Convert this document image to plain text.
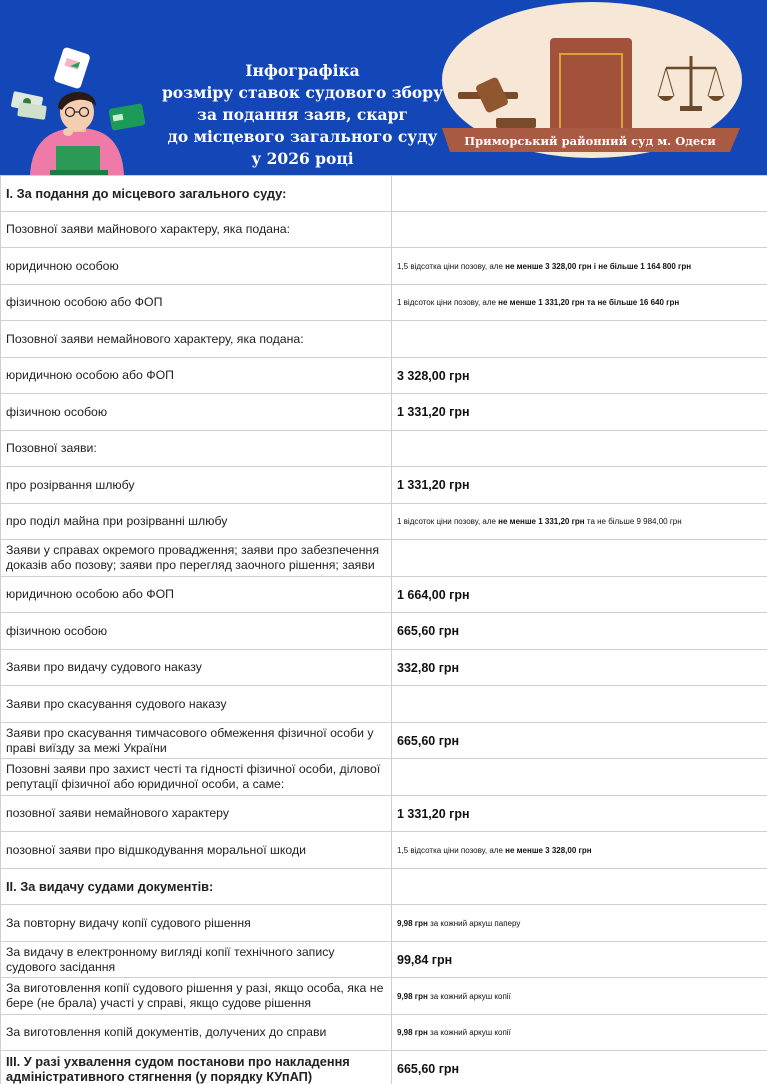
Інфографіка
розміру ставок судового збору
за подання заяв, скарг
до місцевого загального суду
у 2026 році
Приморський районний суд м. Одеси
I. За подання до місцевого загального суду:	
Позовної заяви майнового характеру, яка подана:	
юридичною особою	1,5 відсотка ціни позову, але не менше 3 328,00 грн і не більше 1 164 800 грн
фізичною особою або ФОП	1 відсоток ціни позову, але не менше 1 331,20 грн та не більше 16 640 грн
Позовної заяви немайнового характеру, яка подана:	
юридичною особою або ФОП	3 328,00 грн
фізичною особою	1 331,20 грн
Позовної заяви:	
про розірвання шлюбу	1 331,20 грн
про поділ майна при розірванні шлюбу	1 відсоток ціни позову, але не менше 1 331,20 грн та не більше 9 984,00 грн

Заяви у справах окремого провадження; заяви про забезпечення доказів або позову; заяви про перегляд заочного рішення; заяви	

юридичною особою або ФОП	1 664,00 грн
фізичною особою	665,60 грн
Заяви про видачу судового наказу	332,80 грн
Заяви про скасування судового наказу	

Заяви про скасування тимчасового обмеження фізичної особи у праві виїзду за межі України	665,60 грн

Позовні заяви про захист честі та гідності фізичної особи, ділової репутації фізичної або юридичної особи, а саме:	

позовної заяви немайнового характеру	1 331,20 грн
позовної заяви про відшкодування моральної шкоди	1,5 відсотка ціни позову, але не менше 3 328,00 грн
II. За видачу судами документів:	
За повторну видачу копії судового рішення	9,98 грн за кожний аркуш паперу

За видачу в електронному вигляді копії технічного запису судового засідання	99,84 грн

За виготовлення копії судового рішення у разі, якщо особа, яка не бере (не брала) участі у справі, якщо судове рішення	9,98 грн за кожний аркуш копії
За виготовлення копій документів, долучених до справи	9,98 грн за кожний аркуш копії

III. У разі ухвалення судом постанови про накладення адміністративного стягнення (у порядку КУпАП)	665,60 грн
